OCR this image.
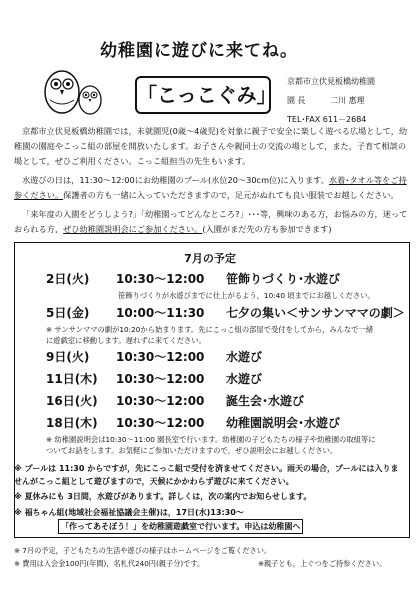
幼稚園に遊びに来てね。
「こっこぐみ」
京都市立伏見板橋幼稚園
園 長	二川 惠理
TEL･FAX 611－2684
京都市立伏見板橋幼稚園では，未就園児(0歳～4歳児)を対象に親子で安全に楽しく遊べる広場として，幼稚園の園庭やこっこ組の部屋を開放いたします。お子さんや親同士の交流の場として，また，子育て相談の場として，ぜひご利用ください。こっこ組担当の先生もいます。
水遊びの日は，11:30～12:00にお幼稚園のプール(水位20～30cm位)に入ります。水着･タオル等をご持参ください。保護者の方も一緒に入っていただきますので，足元がぬれても良い服装でお越しください。
「来年度の入園をどうしよう?」「幼稚園ってどんなところ?」･･･等，興味のある方，お悩みの方，迷っておられる方，ぜひ幼稚園説明会にご参加ください。(入園がまだ先の方も参加できます)
7月の予定
2日(火) 10:30～12:00 笹飾りづくり･水遊び
笹飾りづくりが水遊びまでに仕上がるよう，10:40 頃までにお越しください。
5日(金) 10:00～11:30 七夕の集い＜サンサンママの劇＞
※ サンサンママの劇が10:20から始まります。先にこっこ組の部屋で受付をしてから，みんなで一緒に遊戯室に移動します。遅れずに来てください。
9日(火) 10:30～12:00 水遊び
11日(木) 10:30～12:00 水遊び
16日(火) 10:30～12:00 誕生会･水遊び
18日(木) 10:30～12:00 幼稚園説明会･水遊び
※ 幼稚園説明会は10:30～11:00 園長室で行います。幼稚園の子どもたちの様子や幼稚園の取組等についてお話をします。お気軽にご参加いただけますので，ぜひ説明会にお越しください。
※ プールは 11:30 からですが，先にこっこ組で受付を済ませてください。雨天の場合，プールには入りませんがこっこ組として遊びますので，天候にかかわらず遊びに来てください。
※ 夏休みにも 3日間，水遊びがあります。詳しくは，次の案内でお知らせします。
※ 福ちゃん組(地域社会福祉協議会主催)は，17日(水)13:30～
「作ってあそぼう！」を幼稚園遊戯室で行います。申込は幼稚園へ
※ 7月の予定，子どもたちの生活や遊びの様子はホームページをご覧ください。
※ 費用は入会金100円(年間)，名札代240円(親子分)です。	※親子とも，上ぐつをご持参ください。
